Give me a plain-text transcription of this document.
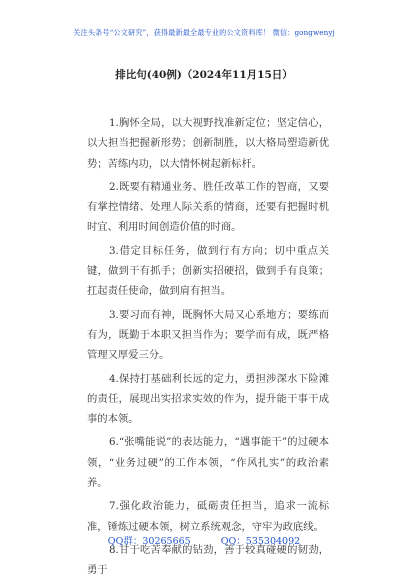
关注头条号“公文研究”，获得最新最全最专业的公文资料库！ 微信：gongwenyj
排比句(40例)（2024年11月15日）

1.胸怀全局，以大视野找准新定位；坚定信心，以大担当把握新形势；创新制胜，以大格局塑造新优势；苦练内功，以大情怀树起新标杆。

2.既要有精通业务、胜任改革工作的智商，又要有掌控情绪、处理人际关系的情商，还要有把握时机时宜、利用时间创造价值的时商。

3.借定目标任务，做到行有方向；切中重点关键，做到干有抓手；创新实招硬招，做到手有良策；扛起责任使命，做到肩有担当。

3.要习而有神，既胸怀大局又心系地方；要练而有为，既勤于本职又担当作为；要学而有成，既严格管理又厚爱三分。

4.保持打基础利长远的定力，勇担涉深水下险滩的责任，展现出实招求实效的作为，提升能干事干成事的本领。

6.“张嘴能说”的表达能力，“遇事能干”的过硬本领，“业务过硬”的工作本领，“作风扎实”的政治素养。

7.强化政治能力，砥砺责任担当，追求一流标准，锤炼过硬本领，树立系统观念，守牢为政底线。

8.甘于吃苦奉献的钻劲，善于较真碰硬的韧劲，勇于

QQ群：30265665	QQ：535304092
